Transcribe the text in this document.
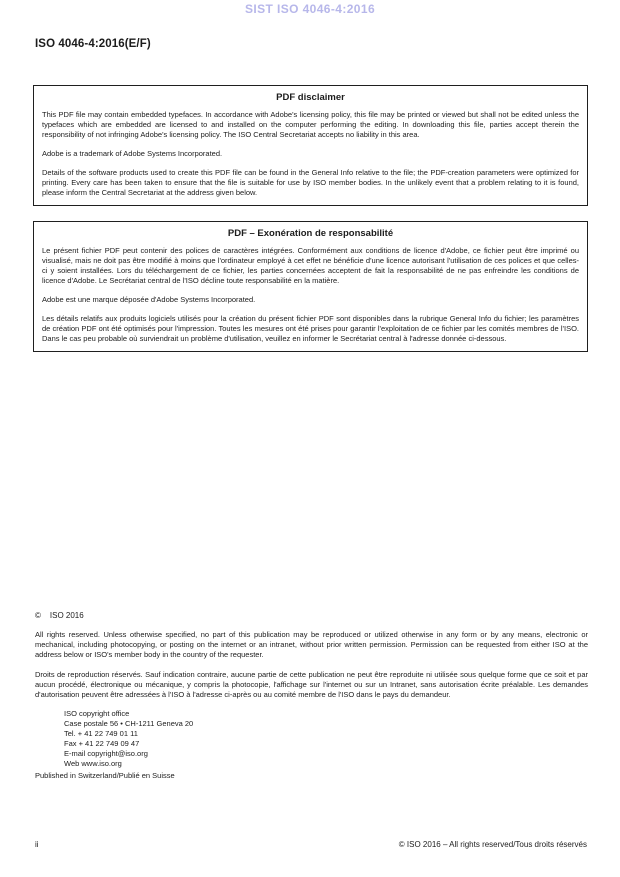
SIST ISO 4046-4:2016
ISO 4046-4:2016(E/F)
PDF disclaimer

This PDF file may contain embedded typefaces. In accordance with Adobe's licensing policy, this file may be printed or viewed but shall not be edited unless the typefaces which are embedded are licensed to and installed on the computer performing the editing. In downloading this file, parties accept therein the responsibility of not infringing Adobe's licensing policy. The ISO Central Secretariat accepts no liability in this area.

Adobe is a trademark of Adobe Systems Incorporated.

Details of the software products used to create this PDF file can be found in the General Info relative to the file; the PDF-creation parameters were optimized for printing. Every care has been taken to ensure that the file is suitable for use by ISO member bodies. In the unlikely event that a problem relating to it is found, please inform the Central Secretariat at the address given below.

PDF – Exonération de responsabilité

Le présent fichier PDF peut contenir des polices de caractères intégrées. Conformément aux conditions de licence d'Adobe, ce fichier peut être imprimé ou visualisé, mais ne doit pas être modifié à moins que l'ordinateur employé à cet effet ne bénéficie d'une licence autorisant l'utilisation de ces polices et que celles-ci y soient installées. Lors du téléchargement de ce fichier, les parties concernées acceptent de fait la responsabilité de ne pas enfreindre les conditions de licence d'Adobe. Le Secrétariat central de l'ISO décline toute responsabilité en la matière.

Adobe est une marque déposée d'Adobe Systems Incorporated.

Les détails relatifs aux produits logiciels utilisés pour la création du présent fichier PDF sont disponibles dans la rubrique General Info du fichier; les paramètres de création PDF ont été optimisés pour l'impression. Toutes les mesures ont été prises pour garantir l'exploitation de ce fichier par les comités membres de l'ISO. Dans le cas peu probable où surviendrait un problème d'utilisation, veuillez en informer le Secrétariat central à l'adresse donnée ci-dessous.

© ISO 2016
All rights reserved. Unless otherwise specified, no part of this publication may be reproduced or utilized otherwise in any form or by any means, electronic or mechanical, including photocopying, or posting on the internet or an intranet, without prior written permission. Permission can be requested from either ISO at the address below or ISO's member body in the country of the requester.
Droits de reproduction réservés. Sauf indication contraire, aucune partie de cette publication ne peut être reproduite ni utilisée sous quelque forme que ce soit et par aucun procédé, électronique ou mécanique, y compris la photocopie, l'affichage sur l'internet ou sur un Intranet, sans autorisation écrite préalable. Les demandes d'autorisation peuvent être adressées à l'ISO à l'adresse ci-après ou au comité membre de l'ISO dans le pays du demandeur.
ISO copyright office
Case postale 56 • CH-1211 Geneva 20
Tel. + 41 22 749 01 11
Fax + 41 22 749 09 47
E-mail copyright@iso.org
Web www.iso.org
Published in Switzerland/Publié en Suisse
ii	© ISO 2016 – All rights reserved/Tous droits réservés
